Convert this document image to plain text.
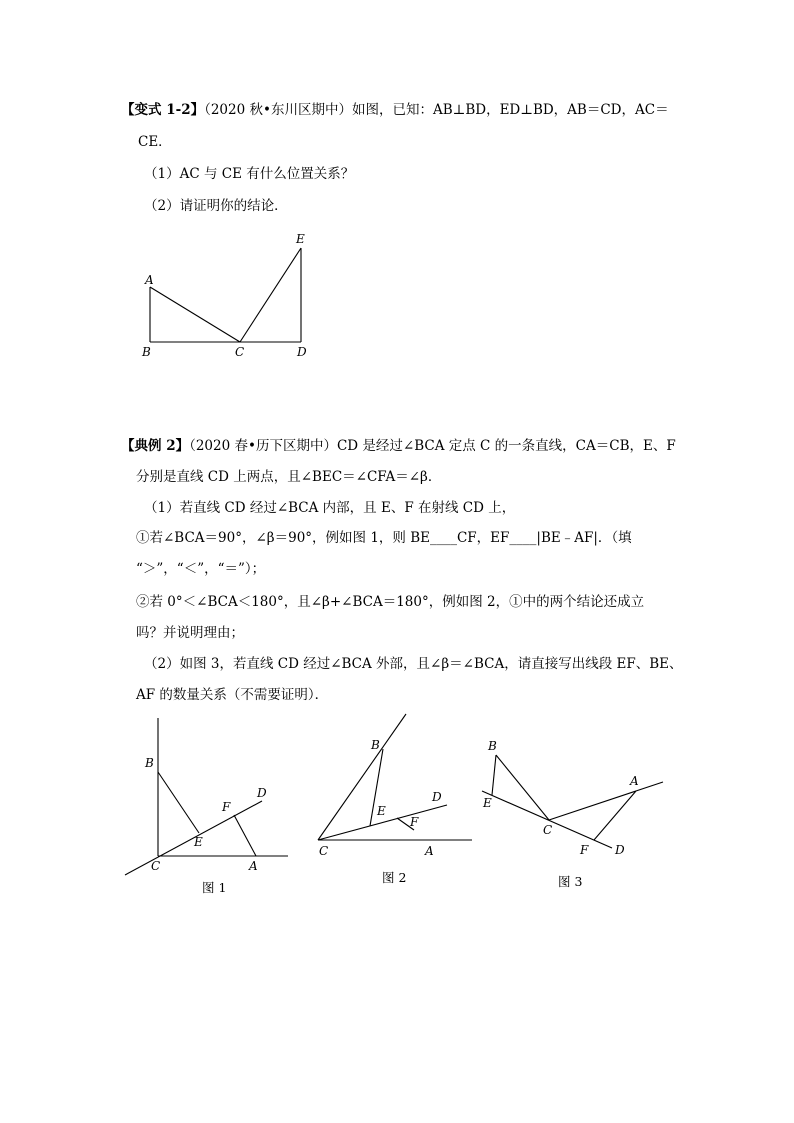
【变式 1-2】（2020 秋•东川区期中）如图，已知：AB⊥BD，ED⊥BD，AB＝CD，AC＝
CE．
（1）AC 与 CE 有什么位置关系？
（2）请证明你的结论．
A
B	C	D
E
【典例 2】（2020 春•历下区期中）CD 是经过∠BCA 定点 C 的一条直线，CA＝CB，E、F
分别是直线 CD 上两点，且∠BEC＝∠CFA＝∠β．
（1）若直线 CD 经过∠BCA 内部，且 E、F 在射线 CD 上，
①若∠BCA＝90°，∠β＝90°，例如图 1，则 BE____CF，EF____|BE﹣AF|．（填
“＞”，“＜”，“＝”）；
②若 0°＜∠BCA＜180°，且∠β+∠BCA＝180°，例如图 2，①中的两个结论还成立
吗？并说明理由；
（2）如图 3，若直线 CD 经过∠BCA 外部，且∠β＝∠BCA，请直接写出线段 EF、BE、
AF 的数量关系（不需要证明）．
B
F
D
E
C	A
图 1
B
D
E
F
C	A
图 2
B
A
E
C
F D
图 3
